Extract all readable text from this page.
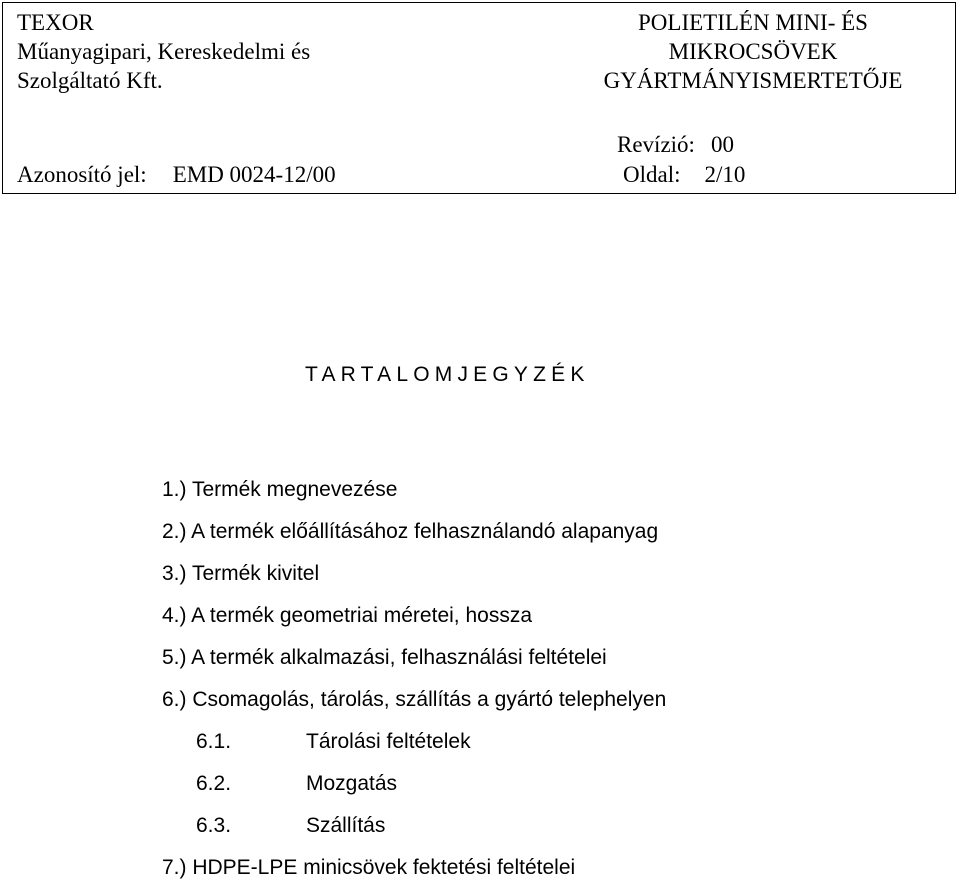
TEXOR
Műanyagipari, Kereskedelmi és
Szolgáltató Kft.
POLIETILÉN MINI- ÉS
MIKROCSÖVEK
GYÁRTMÁNYISMERTETŐJE
Azonosító jel: EMD 0024-12/00
Revízió: 00
Oldal: 2/10
TARTALOMJEGYZÉK
1.) Termék megnevezése
2.) A termék előállításához felhasználandó alapanyag
3.) Termék kivitel
4.) A termék geometriai méretei, hossza
5.) A termék alkalmazási, felhasználási feltételei
6.) Csomagolás, tárolás, szállítás a gyártó telephelyen
6.1.	Tárolási feltételek
6.2.	Mozgatás
6.3.	Szállítás
7.) HDPE-LPE minicsövek fektetési feltételei
